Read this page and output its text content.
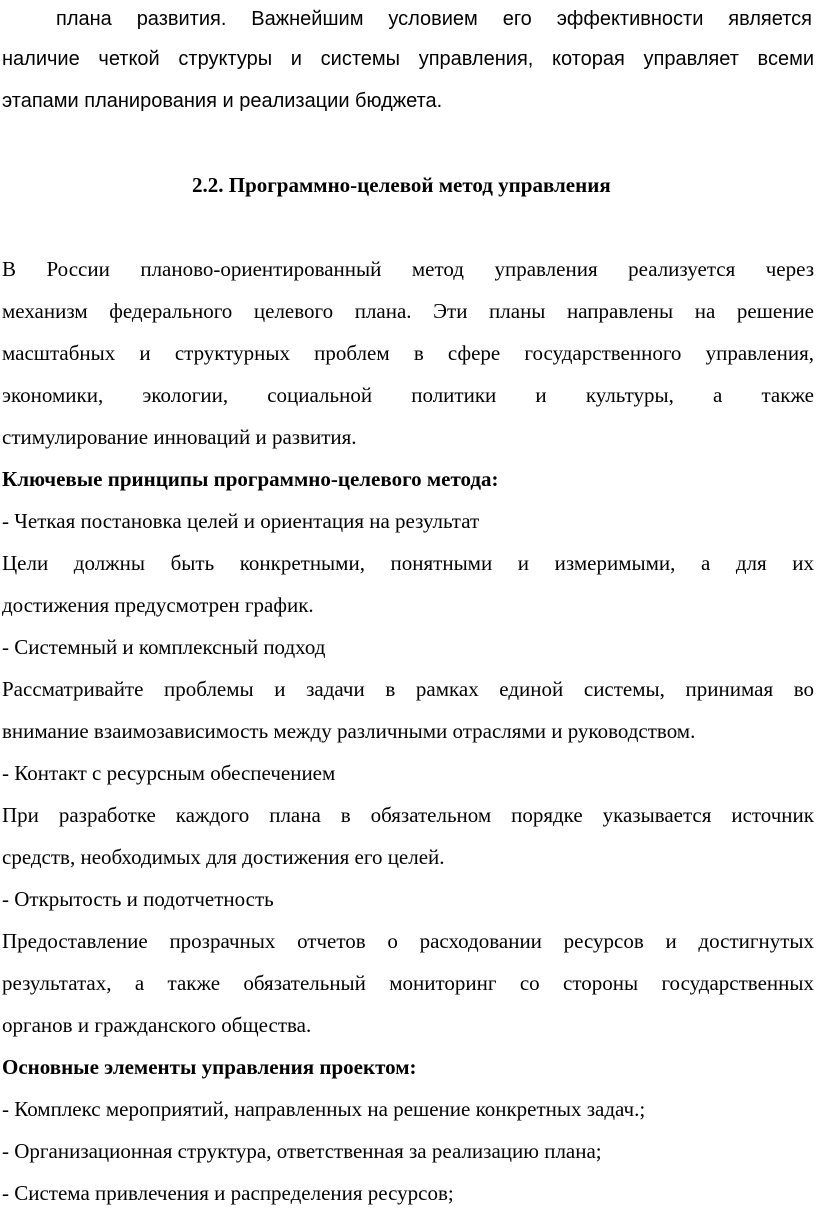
плана развития. Важнейшим условием его эффективности является
наличие четкой структуры и системы управления, которая управляет всеми
этапами планирования и реализации бюджета.
2.2. Программно-целевой метод управления
В России планово-ориентированный метод управления реализуется через
механизм федерального целевого плана. Эти планы направлены на решение
масштабных и структурных проблем в сфере государственного управления,
экономики, экологии, социальной политики и культуры, а также
стимулирование инноваций и развития.
Ключевые принципы программно-целевого метода:
- Четкая постановка целей и ориентация на результат
Цели должны быть конкретными, понятными и измеримыми, а для их
достижения предусмотрен график.
- Системный и комплексный подход
Рассматривайте проблемы и задачи в рамках единой системы, принимая во
внимание взаимозависимость между различными отраслями и руководством.
- Контакт с ресурсным обеспечением
При разработке каждого плана в обязательном порядке указывается источник
средств, необходимых для достижения его целей.
- Открытость и подотчетность
Предоставление прозрачных отчетов о расходовании ресурсов и достигнутых
результатах, а также обязательный мониторинг со стороны государственных
органов и гражданского общества.
Основные элементы управления проектом:
- Комплекс мероприятий, направленных на решение конкретных задач.;
- Организационная структура, ответственная за реализацию плана;
- Система привлечения и распределения ресурсов;
